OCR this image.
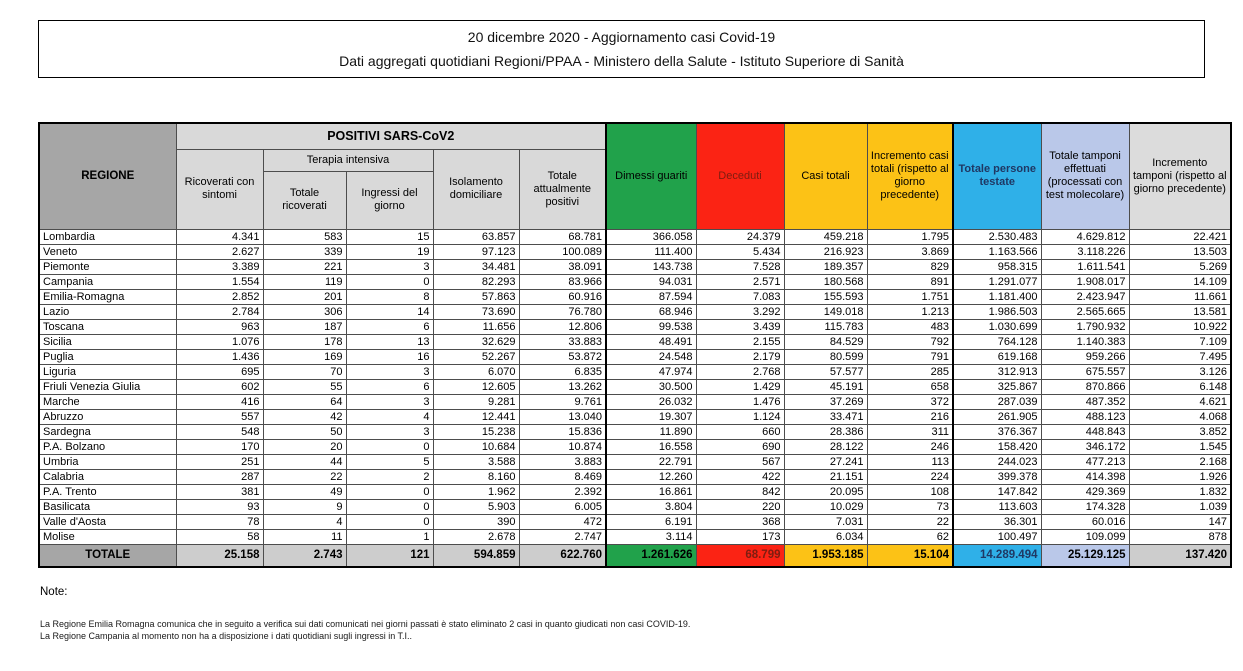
20 dicembre 2020 - Aggiornamento casi Covid-19
Dati aggregati quotidiani Regioni/PPAA - Ministero della Salute - Istituto Superiore di Sanità
REGIONE	POSITIVI SARS-CoV2					Dimessi guariti	Deceduti	Casi totali	Incremento casi totali (rispetto al giorno precedente)	Totale persone testate	Totale tamponi effettuati (processati con test molecolare)	Incremento tamponi (rispetto al giorno precedente)
	Ricoverati con sintomi	Terapia intensiva		Isolamento domiciliare	Totale attualmente positivi							
		Totale ricoverati	Ingressi del giorno									
Lombardia	4.341	583	15	63.857	68.781	366.058	24.379	459.218	1.795	2.530.483	4.629.812	22.421
Veneto	2.627	339	19	97.123	100.089	111.400	5.434	216.923	3.869	1.163.566	3.118.226	13.503
Piemonte	3.389	221	3	34.481	38.091	143.738	7.528	189.357	829	958.315	1.611.541	5.269
Campania	1.554	119	0	82.293	83.966	94.031	2.571	180.568	891	1.291.077	1.908.017	14.109
Emilia-Romagna	2.852	201	8	57.863	60.916	87.594	7.083	155.593	1.751	1.181.400	2.423.947	11.661
Lazio	2.784	306	14	73.690	76.780	68.946	3.292	149.018	1.213	1.986.503	2.565.665	13.581
Toscana	963	187	6	11.656	12.806	99.538	3.439	115.783	483	1.030.699	1.790.932	10.922
Sicilia	1.076	178	13	32.629	33.883	48.491	2.155	84.529	792	764.128	1.140.383	7.109
Puglia	1.436	169	16	52.267	53.872	24.548	2.179	80.599	791	619.168	959.266	7.495
Liguria	695	70	3	6.070	6.835	47.974	2.768	57.577	285	312.913	675.557	3.126
Friuli Venezia Giulia	602	55	6	12.605	13.262	30.500	1.429	45.191	658	325.867	870.866	6.148
Marche	416	64	3	9.281	9.761	26.032	1.476	37.269	372	287.039	487.352	4.621
Abruzzo	557	42	4	12.441	13.040	19.307	1.124	33.471	216	261.905	488.123	4.068
Sardegna	548	50	3	15.238	15.836	11.890	660	28.386	311	376.367	448.843	3.852
P.A. Bolzano	170	20	0	10.684	10.874	16.558	690	28.122	246	158.420	346.172	1.545
Umbria	251	44	5	3.588	3.883	22.791	567	27.241	113	244.023	477.213	2.168
Calabria	287	22	2	8.160	8.469	12.260	422	21.151	224	399.378	414.398	1.926
P.A. Trento	381	49	0	1.962	2.392	16.861	842	20.095	108	147.842	429.369	1.832
Basilicata	93	9	0	5.903	6.005	3.804	220	10.029	73	113.603	174.328	1.039
Valle d'Aosta	78	4	0	390	472	6.191	368	7.031	22	36.301	60.016	147
Molise	58	11	1	2.678	2.747	3.114	173	6.034	62	100.497	109.099	878
TOTALE	25.158	2.743	121	594.859	622.760	1.261.626	68.799	1.953.185	15.104	14.289.494	25.129.125	137.420
Note:
La Regione Emilia Romagna comunica che in seguito a verifica sui dati comunicati nei giorni passati è stato eliminato 2 casi in quanto giudicati non casi COVID-19.
La Regione Campania al momento non ha a disposizione i dati quotidiani sugli ingressi in T.I..
